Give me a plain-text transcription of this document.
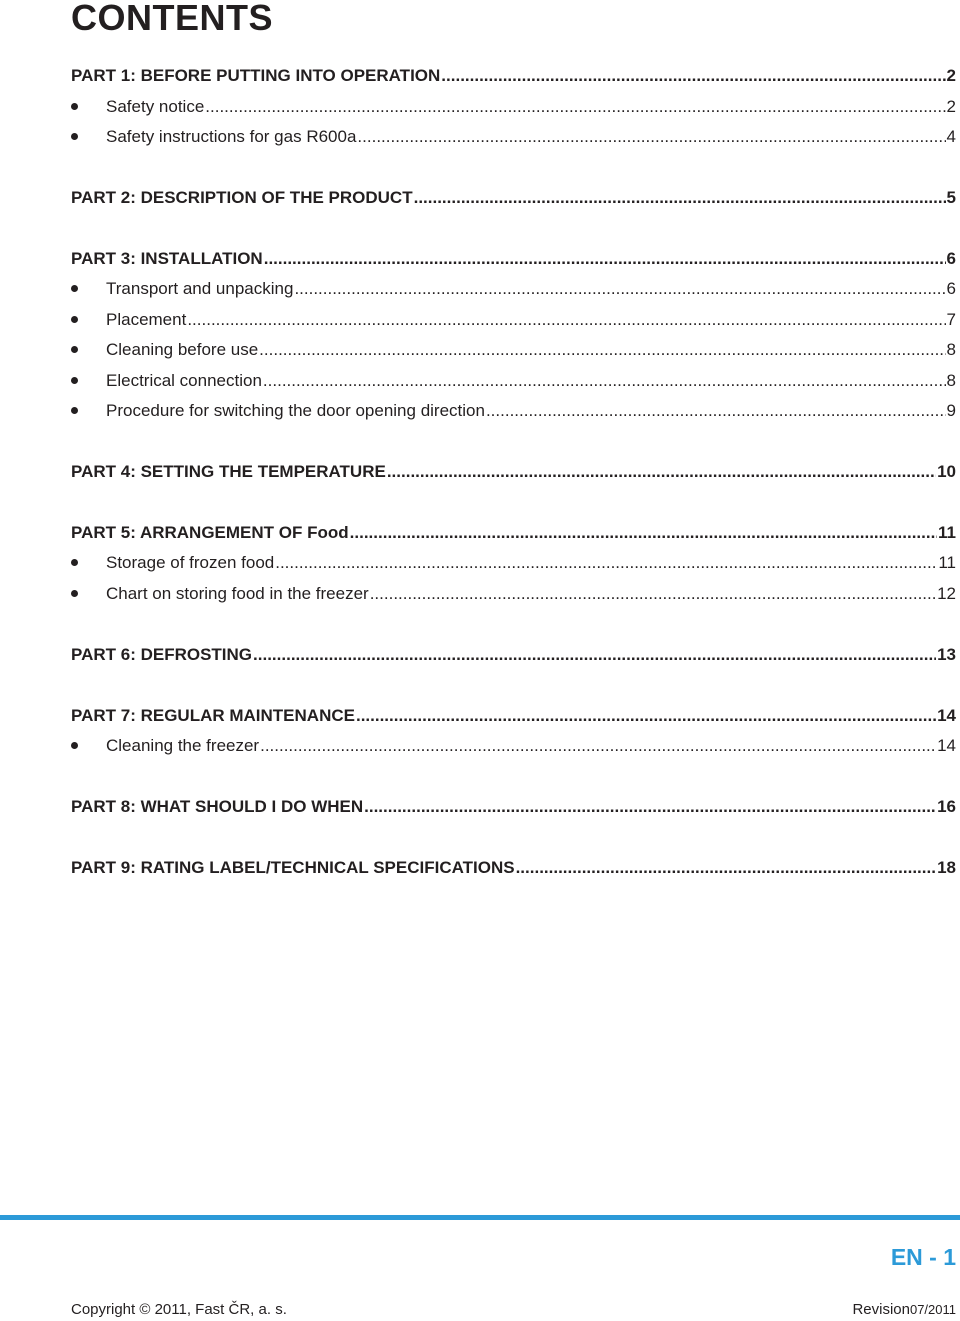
CONTENTS
PART 1: BEFORE PUTTING INTO OPERATION .....	2
Safety notice .....	2
Safety instructions for gas R600a .....	4
PART 2: DESCRIPTION OF THE PRODUCT .....	5
PART 3: INSTALLATION .....	6
Transport and unpacking .....	6
Placement .....	7
Cleaning before use .....	8
Electrical connection .....	8
Procedure for switching the door opening direction .....	9
PART 4: SETTING THE TEMPERATURE .....	10
PART 5: ARRANGEMENT OF Food .....	11
Storage of frozen food .....	11
Chart on storing food in the freezer .....	12
PART 6: DEFROSTING .....	13
PART 7: REGULAR MAINTENANCE .....	14
Cleaning the freezer .....	14
PART 8: WHAT SHOULD I DO WHEN .....	16
PART 9: RATING LABEL/TECHNICAL SPECIFICATIONS .....	18
EN - 1
Copyright © 2011, Fast ČR, a. s.	Revision07/2011
